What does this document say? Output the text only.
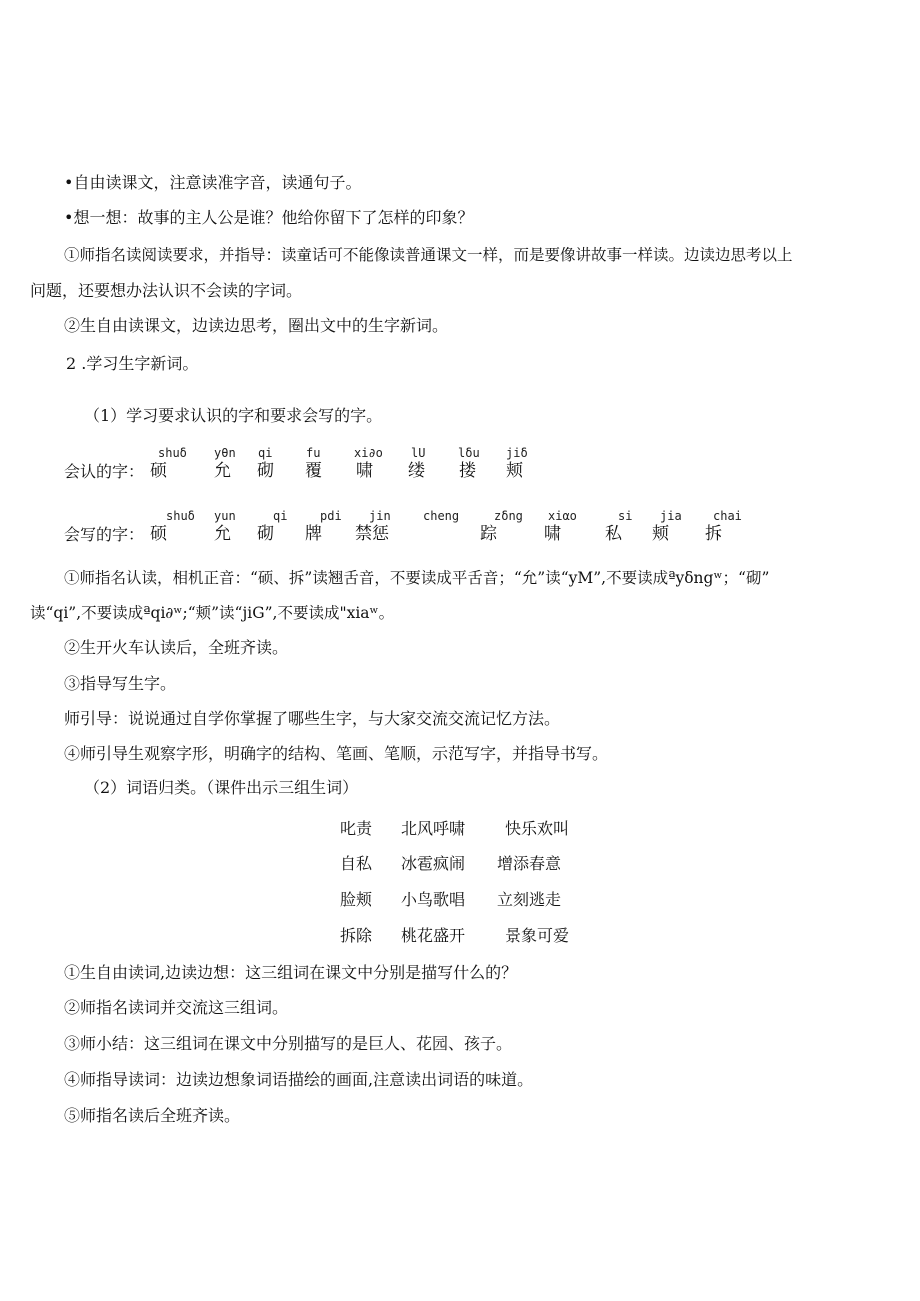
•自由读课文，注意读准字音，读通句子。
•想一想：故事的主人公是谁？他给你留下了怎样的印象？
①师指名读阅读要求，并指导：读童话可不能像读普通课文一样，而是要像讲故事一样读。边读边思考以上
问题，还要想办法认识不会读的字词。
②生自由读课文，边读边思考，圈出文中的生字新词。
2 .学习生字新词。
（1）学习要求认识的字和要求会写的字。
会认的字：
shuδ
硕
yθn
允
qi
砌
fu
覆
xi∂o
啸
lU
缕
lδu
搂
jiδ
颊
会写的字：
shuδ
硕
yun
允
qi
砌
pdi
牌
jin
禁惩
cheng	zδng
踪
xiαo
啸
si
私
jia
颊
chai
拆
①师指名认读，相机正音：“硕、拆”读翘舌音，不要读成平舌音；“允”读“yM”,不要读成ªyδngʷ；“砌”
读“qi”,不要读成ªqi∂ʷ;“颊”读“jiG”,不要读成"xiaʷ。
②生开火车认读后，全班齐读。
③指导写生字。
师引导：说说通过自学你掌握了哪些生字，与大家交流交流记忆方法。
④师引导生观察字形，明确字的结构、笔画、笔顺，示范写字，并指导书写。
（2）词语归类。（课件出示三组生词）
叱责 北风呼啸 快乐欢叫
自私 冰雹疯闹 增添春意
脸颊 小鸟歌唱 立刻逃走
拆除 桃花盛开 景象可爱
①生自由读词,边读边想：这三组词在课文中分别是描写什么的？
②师指名读词并交流这三组词。
③师小结：这三组词在课文中分别描写的是巨人、花园、孩子。
④师指导读词：边读边想象词语描绘的画面,注意读出词语的味道。
⑤师指名读后全班齐读。
